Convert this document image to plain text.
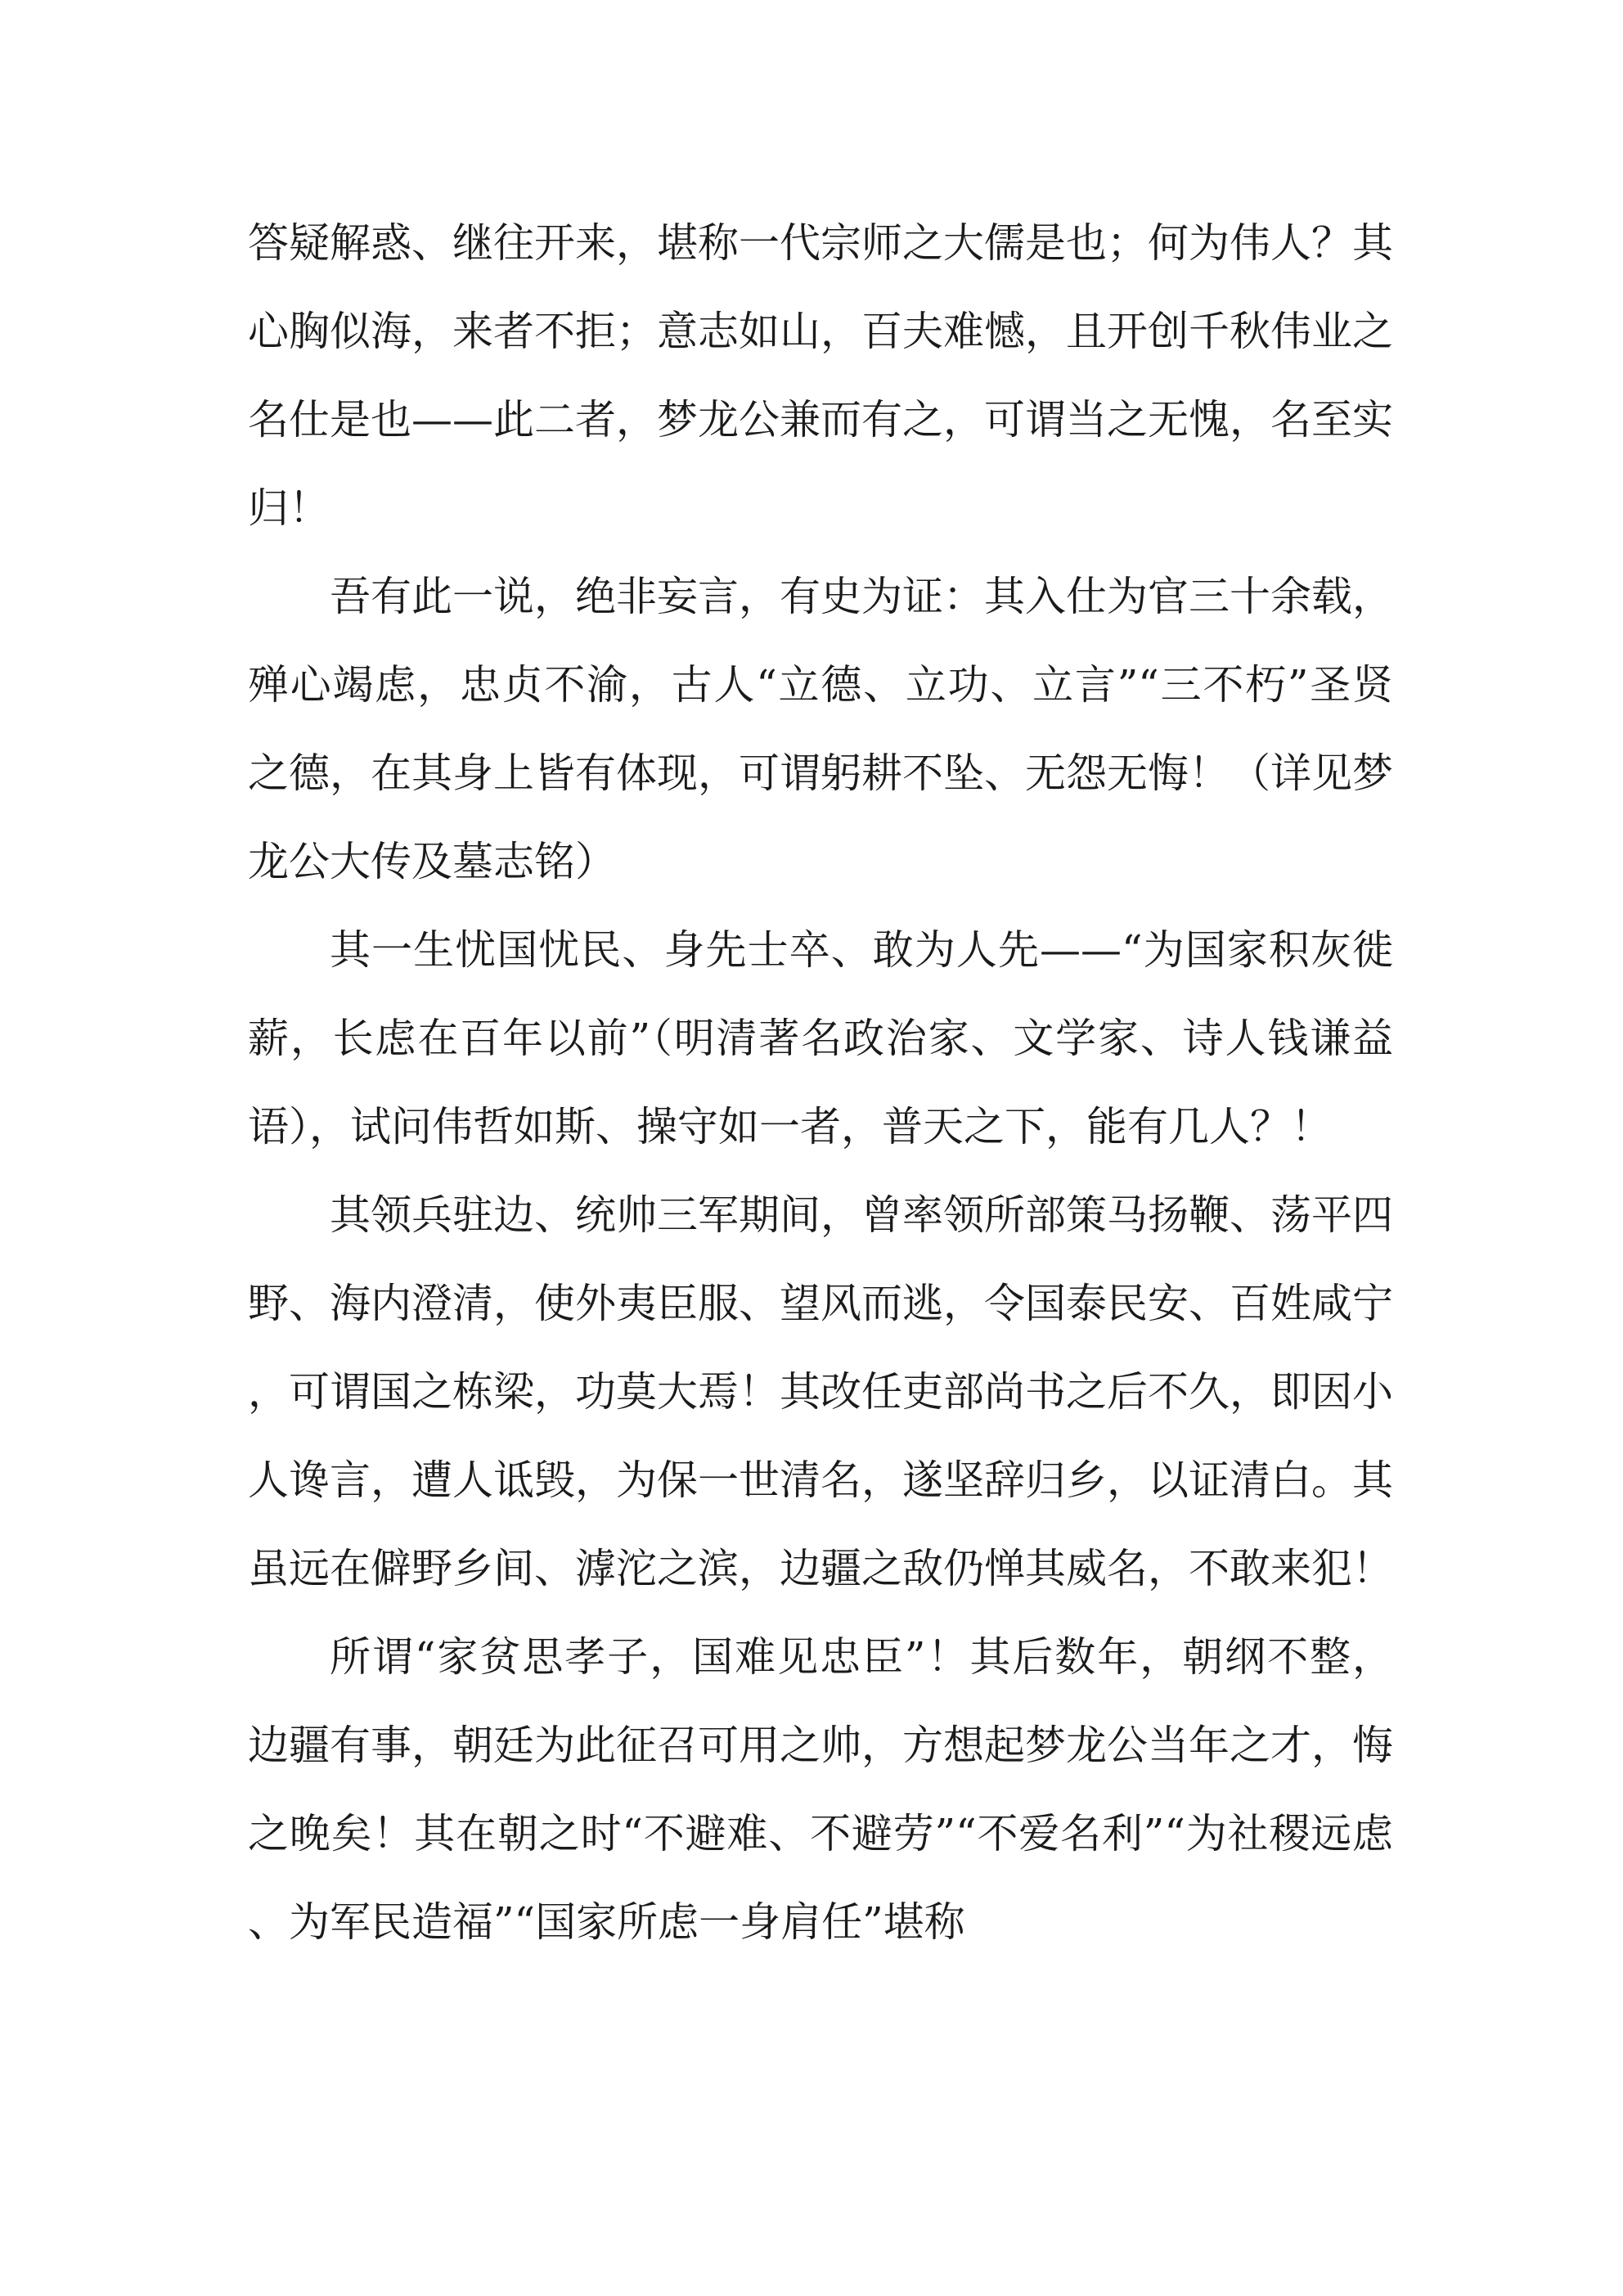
答疑解惑、继往开来，堪称一代宗师之大儒是也；何为伟人？其心胸似海，来者不拒；意志如山，百夫难憾，且开创千秋伟业之名仕是也——此二者，梦龙公兼而有之，可谓当之无愧，名至实归！

吾有此一说，绝非妄言，有史为证：其入仕为官三十余载，殚心竭虑，忠贞不渝，古人“立德、立功、立言”“三不朽”圣贤之德，在其身上皆有体现，可谓躬耕不坠、无怨无悔！（详见梦龙公大传及墓志铭）

其一生忧国忧民、身先士卒、敢为人先——“为国家积灰徙薪，长虑在百年以前”（明清著名政治家、文学家、诗人钱谦益语），试问伟哲如斯、操守如一者，普天之下，能有几人？！

其领兵驻边、统帅三军期间，曾率领所部策马扬鞭、荡平四野、海内澄清，使外夷臣服、望风而逃，令国泰民安、百姓咸宁，可谓国之栋梁，功莫大焉！其改任吏部尚书之后不久，即因小人谗言，遭人诋毁，为保一世清名，遂坚辞归乡，以证清白。其虽远在僻野乡间、滹沱之滨，边疆之敌仍惮其威名，不敢来犯！

所谓“家贫思孝子，国难见忠臣”！其后数年，朝纲不整，边疆有事，朝廷为此征召可用之帅，方想起梦龙公当年之才，悔之晚矣！其在朝之时“不避难、不避劳”“不爱名利”“为社稷远虑、为军民造福”“国家所虑一身肩任”堪称
